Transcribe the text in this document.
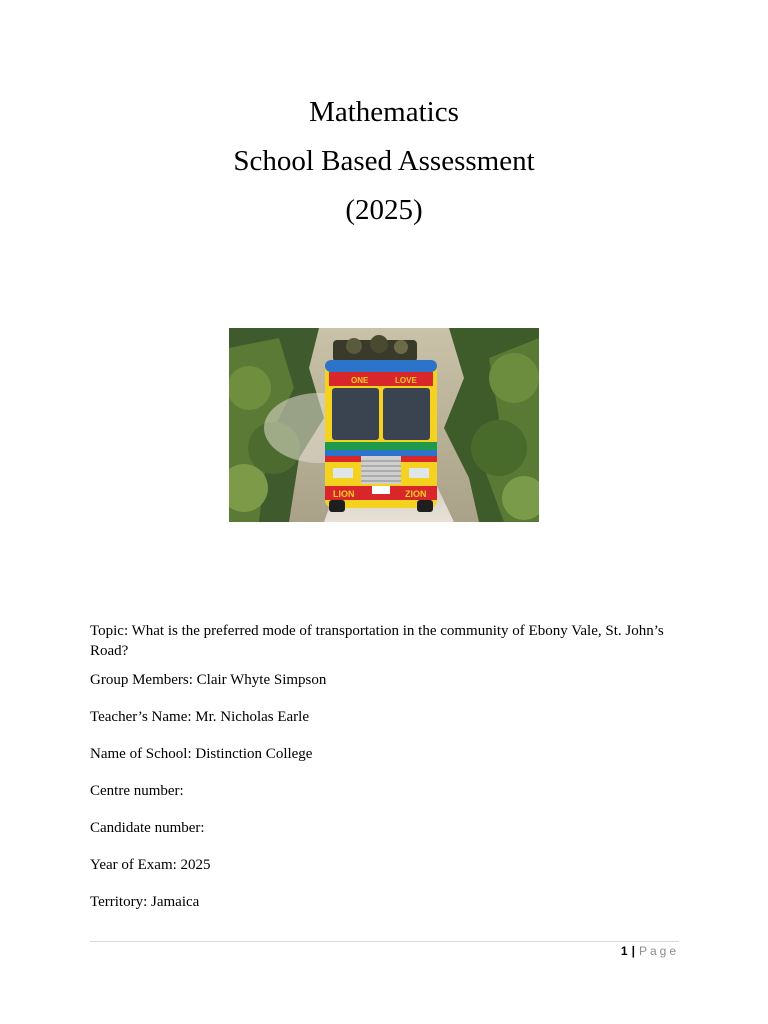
Mathematics
School Based Assessment
(2025)
ONE	LOVE
LION	ZION
Topic: What is the preferred mode of transportation in the community of Ebony Vale, St. John’s Road?
Group Members: Clair Whyte Simpson
Teacher’s Name: Mr. Nicholas Earle
Name of School: Distinction College
Centre number:
Candidate number:
Year of Exam: 2025
Territory: Jamaica
1 | Page
